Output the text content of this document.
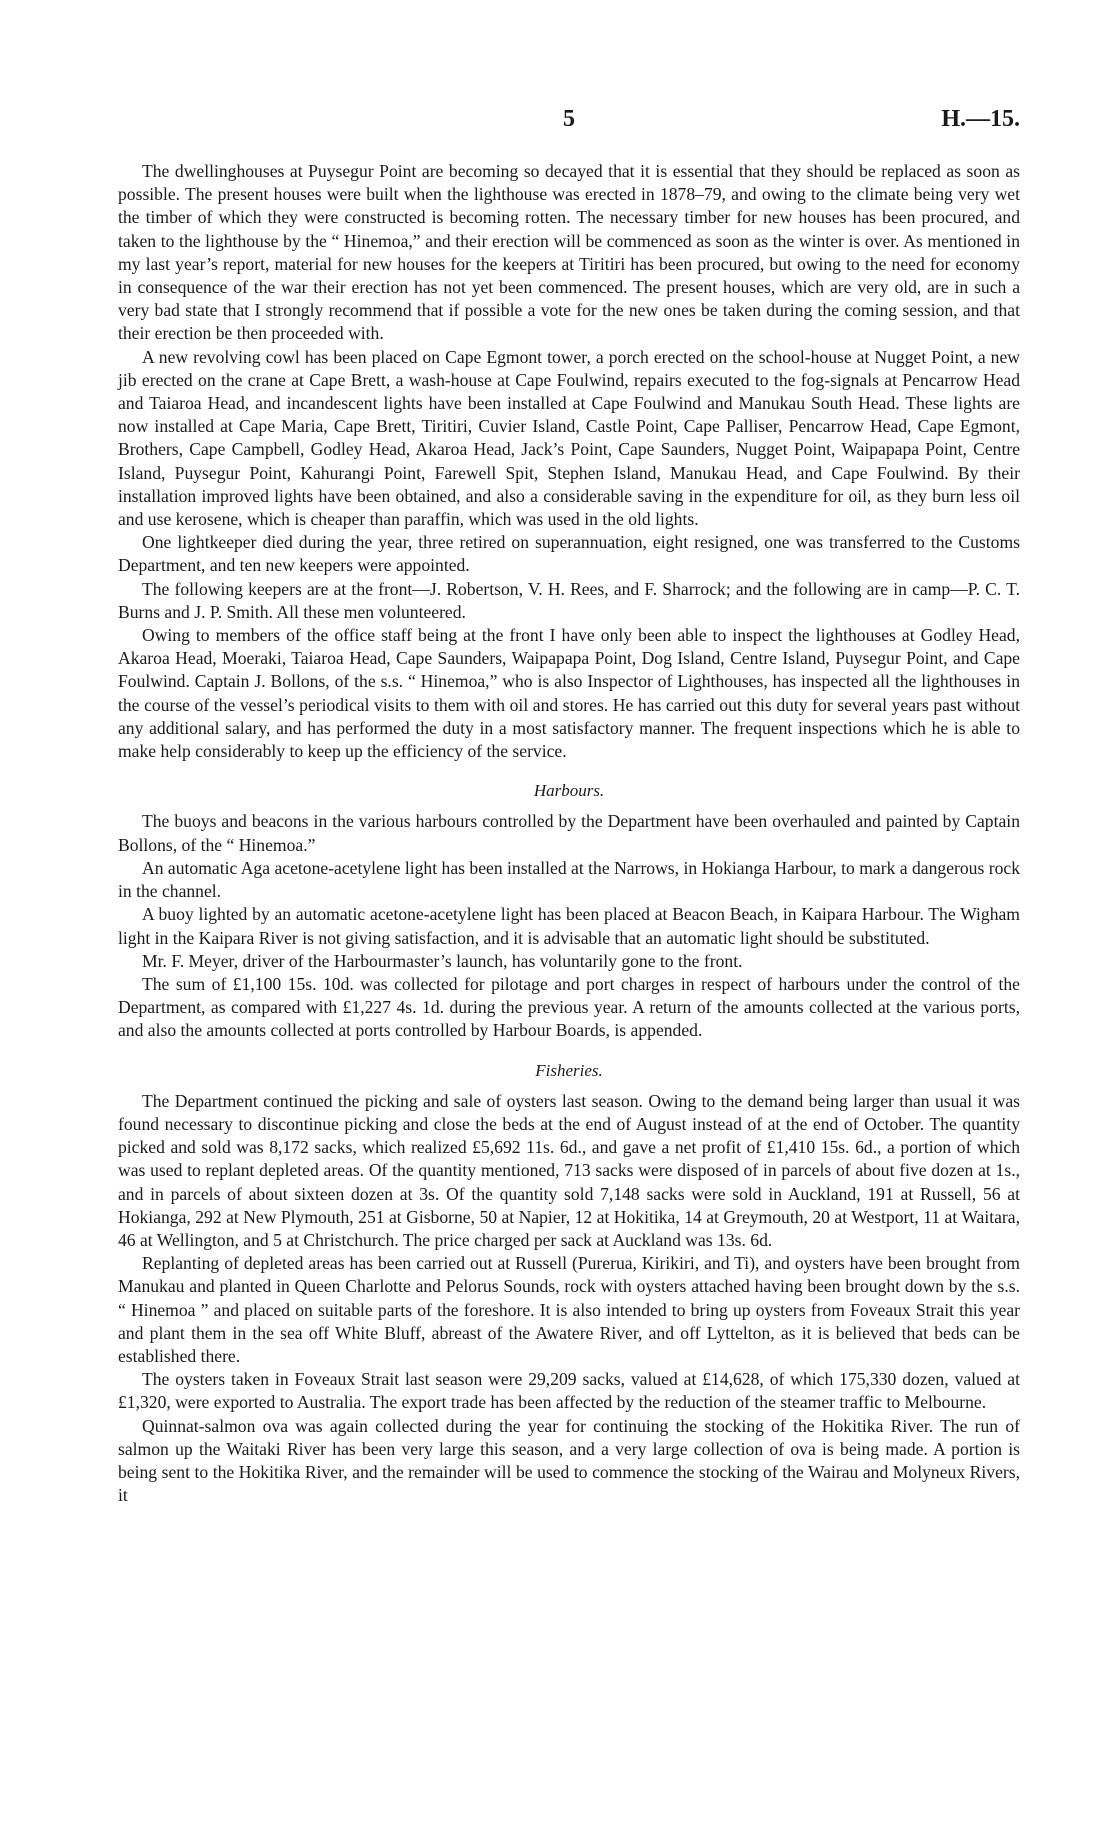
5	H.—15.

The dwellinghouses at Puysegur Point are becoming so decayed that it is essential that they should be replaced as soon as possible. The present houses were built when the lighthouse was erected in 1878–79, and owing to the climate being very wet the timber of which they were constructed is becoming rotten. The necessary timber for new houses has been procured, and taken to the lighthouse by the “ Hinemoa,” and their erection will be commenced as soon as the winter is over. As mentioned in my last year’s report, material for new houses for the keepers at Tiritiri has been procured, but owing to the need for economy in consequence of the war their erection has not yet been commenced. The present houses, which are very old, are in such a very bad state that I strongly recommend that if possible a vote for the new ones be taken during the coming session, and that their erection be then proceeded with.

A new revolving cowl has been placed on Cape Egmont tower, a porch erected on the school-house at Nugget Point, a new jib erected on the crane at Cape Brett, a wash-house at Cape Foulwind, repairs executed to the fog-signals at Pencarrow Head and Taiaroa Head, and incandescent lights have been installed at Cape Foulwind and Manukau South Head. These lights are now installed at Cape Maria, Cape Brett, Tiritiri, Cuvier Island, Castle Point, Cape Palliser, Pencarrow Head, Cape Egmont, Brothers, Cape Campbell, Godley Head, Akaroa Head, Jack’s Point, Cape Saunders, Nugget Point, Waipapapa Point, Centre Island, Puysegur Point, Kahurangi Point, Farewell Spit, Stephen Island, Manukau Head, and Cape Foulwind. By their installation improved lights have been obtained, and also a considerable saving in the expenditure for oil, as they burn less oil and use kerosene, which is cheaper than paraffin, which was used in the old lights.

One lightkeeper died during the year, three retired on superannuation, eight resigned, one was transferred to the Customs Department, and ten new keepers were appointed.

The following keepers are at the front—J. Robertson, V. H. Rees, and F. Sharrock; and the following are in camp—P. C. T. Burns and J. P. Smith. All these men volunteered.

Owing to members of the office staff being at the front I have only been able to inspect the lighthouses at Godley Head, Akaroa Head, Moeraki, Taiaroa Head, Cape Saunders, Waipapapa Point, Dog Island, Centre Island, Puysegur Point, and Cape Foulwind. Captain J. Bollons, of the s.s. “ Hinemoa,” who is also Inspector of Lighthouses, has inspected all the lighthouses in the course of the vessel’s periodical visits to them with oil and stores. He has carried out this duty for several years past without any additional salary, and has performed the duty in a most satisfactory manner. The frequent inspections which he is able to make help considerably to keep up the efficiency of the service.

Harbours.

The buoys and beacons in the various harbours controlled by the Department have been overhauled and painted by Captain Bollons, of the “ Hinemoa.”

An automatic Aga acetone-acetylene light has been installed at the Narrows, in Hokianga Harbour, to mark a dangerous rock in the channel.

A buoy lighted by an automatic acetone-acetylene light has been placed at Beacon Beach, in Kaipara Harbour. The Wigham light in the Kaipara River is not giving satisfaction, and it is advisable that an automatic light should be substituted.

Mr. F. Meyer, driver of the Harbourmaster’s launch, has voluntarily gone to the front.

The sum of £1,100 15s. 10d. was collected for pilotage and port charges in respect of harbours under the control of the Department, as compared with £1,227 4s. 1d. during the previous year. A return of the amounts collected at the various ports, and also the amounts collected at ports controlled by Harbour Boards, is appended.

Fisheries.

The Department continued the picking and sale of oysters last season. Owing to the demand being larger than usual it was found necessary to discontinue picking and close the beds at the end of August instead of at the end of October. The quantity picked and sold was 8,172 sacks, which realized £5,692 11s. 6d., and gave a net profit of £1,410 15s. 6d., a portion of which was used to replant depleted areas. Of the quantity mentioned, 713 sacks were disposed of in parcels of about five dozen at 1s., and in parcels of about sixteen dozen at 3s. Of the quantity sold 7,148 sacks were sold in Auckland, 191 at Russell, 56 at Hokianga, 292 at New Plymouth, 251 at Gisborne, 50 at Napier, 12 at Hokitika, 14 at Greymouth, 20 at Westport, 11 at Waitara, 46 at Wellington, and 5 at Christchurch. The price charged per sack at Auckland was 13s. 6d.

Replanting of depleted areas has been carried out at Russell (Purerua, Kirikiri, and Ti), and oysters have been brought from Manukau and planted in Queen Charlotte and Pelorus Sounds, rock with oysters attached having been brought down by the s.s. “ Hinemoa ” and placed on suitable parts of the foreshore. It is also intended to bring up oysters from Foveaux Strait this year and plant them in the sea off White Bluff, abreast of the Awatere River, and off Lyttelton, as it is believed that beds can be established there.

The oysters taken in Foveaux Strait last season were 29,209 sacks, valued at £14,628, of which 175,330 dozen, valued at £1,320, were exported to Australia. The export trade has been affected by the reduction of the steamer traffic to Melbourne.

Quinnat-salmon ova was again collected during the year for continuing the stocking of the Hokitika River. The run of salmon up the Waitaki River has been very large this season, and a very large collection of ova is being made. A portion is being sent to the Hokitika River, and the remainder will be used to commence the stocking of the Wairau and Molyneux Rivers, it
